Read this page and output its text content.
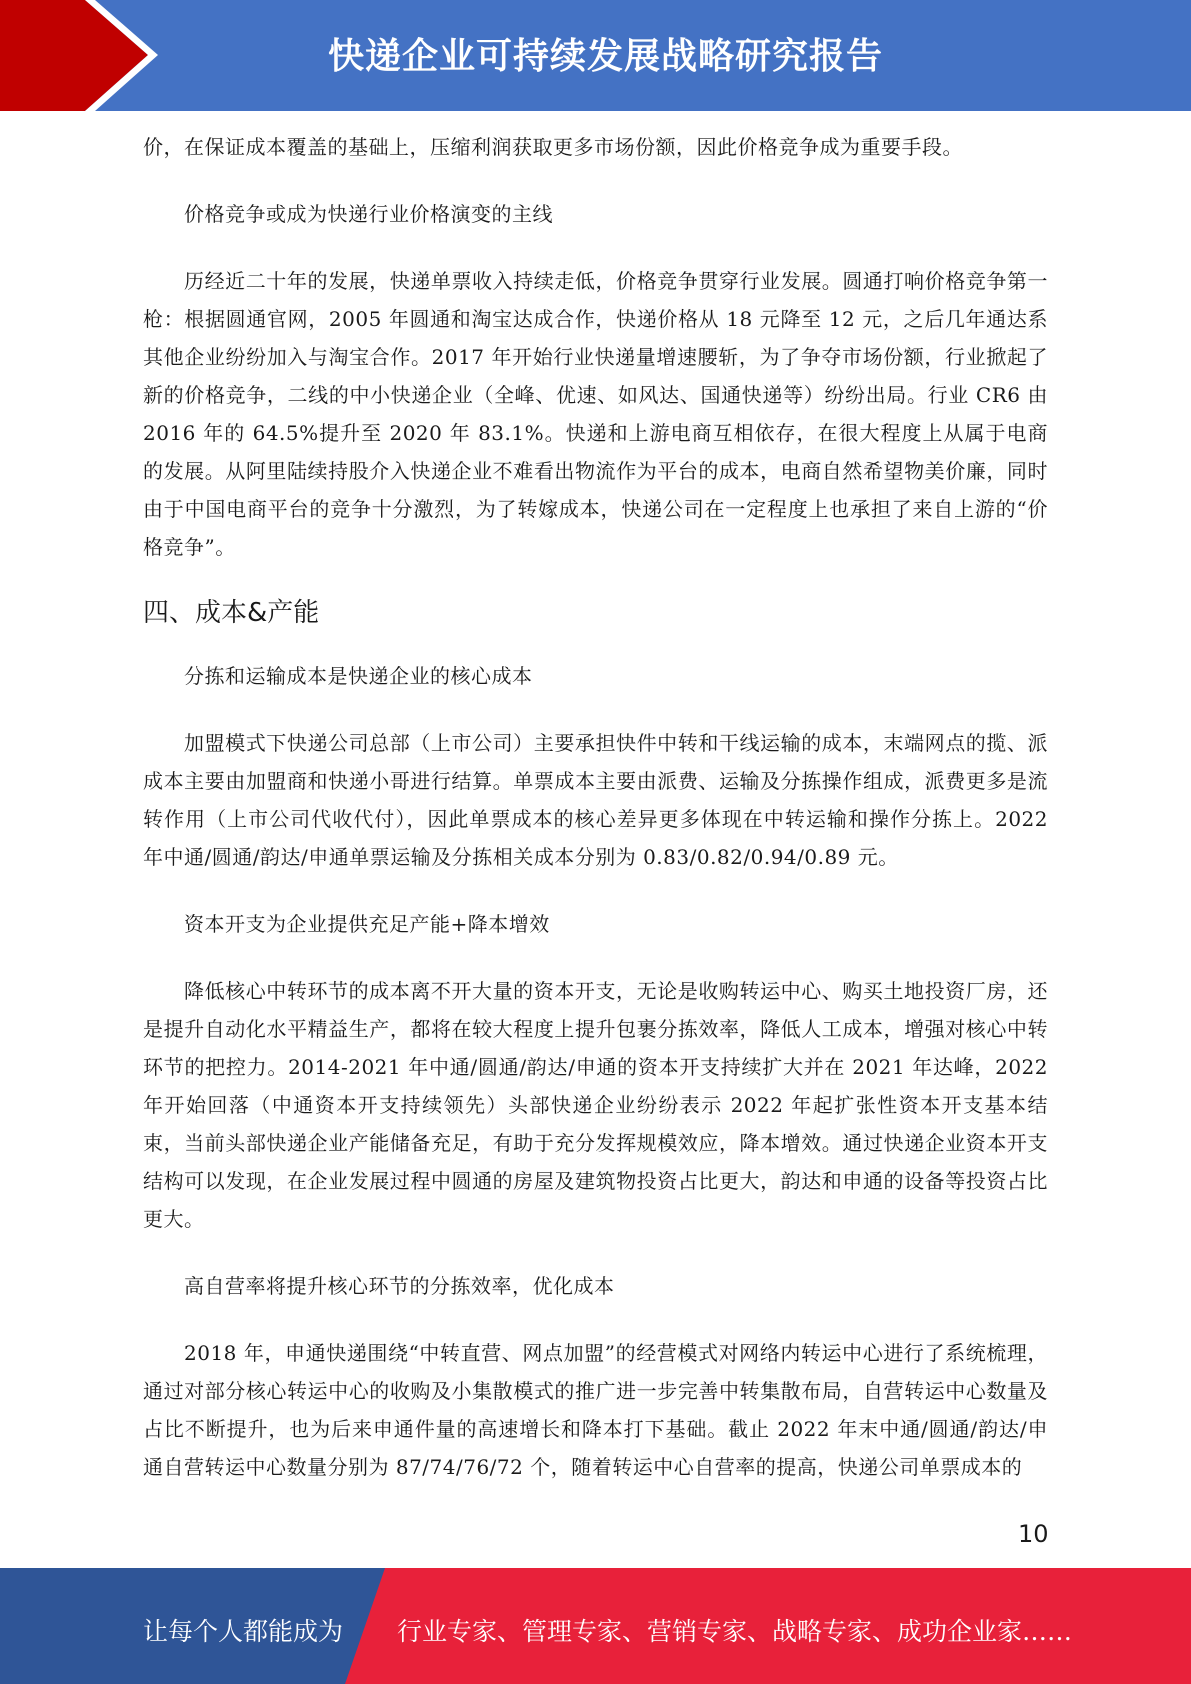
快递企业可持续发展战略研究报告

价，在保证成本覆盖的基础上，压缩利润获取更多市场份额，因此价格竞争成为重要手段。

价格竞争或成为快递行业价格演变的主线

历经近二十年的发展，快递单票收入持续走低，价格竞争贯穿行业发展。圆通打响价格竞争第一枪：根据圆通官网，2005 年圆通和淘宝达成合作，快递价格从 18 元降至 12 元，之后几年通达系其他企业纷纷加入与淘宝合作。2017 年开始行业快递量增速腰斩，为了争夺市场份额，行业掀起了新的价格竞争，二线的中小快递企业（全峰、优速、如风达、国通快递等）纷纷出局。行业 CR6 由 2016 年的 64.5%提升至 2020 年 83.1%。快递和上游电商互相依存，在很大程度上从属于电商的发展。从阿里陆续持股介入快递企业不难看出物流作为平台的成本，电商自然希望物美价廉，同时由于中国电商平台的竞争十分激烈，为了转嫁成本，快递公司在一定程度上也承担了来自上游的“价格竞争”。

四、成本&产能

分拣和运输成本是快递企业的核心成本

加盟模式下快递公司总部（上市公司）主要承担快件中转和干线运输的成本，末端网点的揽、派成本主要由加盟商和快递小哥进行结算。单票成本主要由派费、运输及分拣操作组成，派费更多是流转作用（上市公司代收代付），因此单票成本的核心差异更多体现在中转运输和操作分拣上。2022 年中通/圆通/韵达/申通单票运输及分拣相关成本分别为 0.83/0.82/0.94/0.89 元。

资本开支为企业提供充足产能+降本增效

降低核心中转环节的成本离不开大量的资本开支，无论是收购转运中心、购买土地投资厂房，还是提升自动化水平精益生产，都将在较大程度上提升包裹分拣效率，降低人工成本，增强对核心中转环节的把控力。2014-2021 年中通/圆通/韵达/申通的资本开支持续扩大并在 2021 年达峰，2022 年开始回落（中通资本开支持续领先）头部快递企业纷纷表示 2022 年起扩张性资本开支基本结束，当前头部快递企业产能储备充足，有助于充分发挥规模效应，降本增效。通过快递企业资本开支结构可以发现，在企业发展过程中圆通的房屋及建筑物投资占比更大，韵达和申通的设备等投资占比更大。

高自营率将提升核心环节的分拣效率，优化成本

2018 年，申通快递围绕“中转直营、网点加盟”的经营模式对网络内转运中心进行了系统梳理，通过对部分核心转运中心的收购及小集散模式的推广进一步完善中转集散布局，自营转运中心数量及占比不断提升，也为后来申通件量的高速增长和降本打下基础。截止 2022 年末中通/圆通/韵达/申通自营转运中心数量分别为 87/74/76/72 个，随着转运中心自营率的提高，快递公司单票成本的

10
让每个人都能成为 行业专家、管理专家、营销专家、战略专家、成功企业家……
